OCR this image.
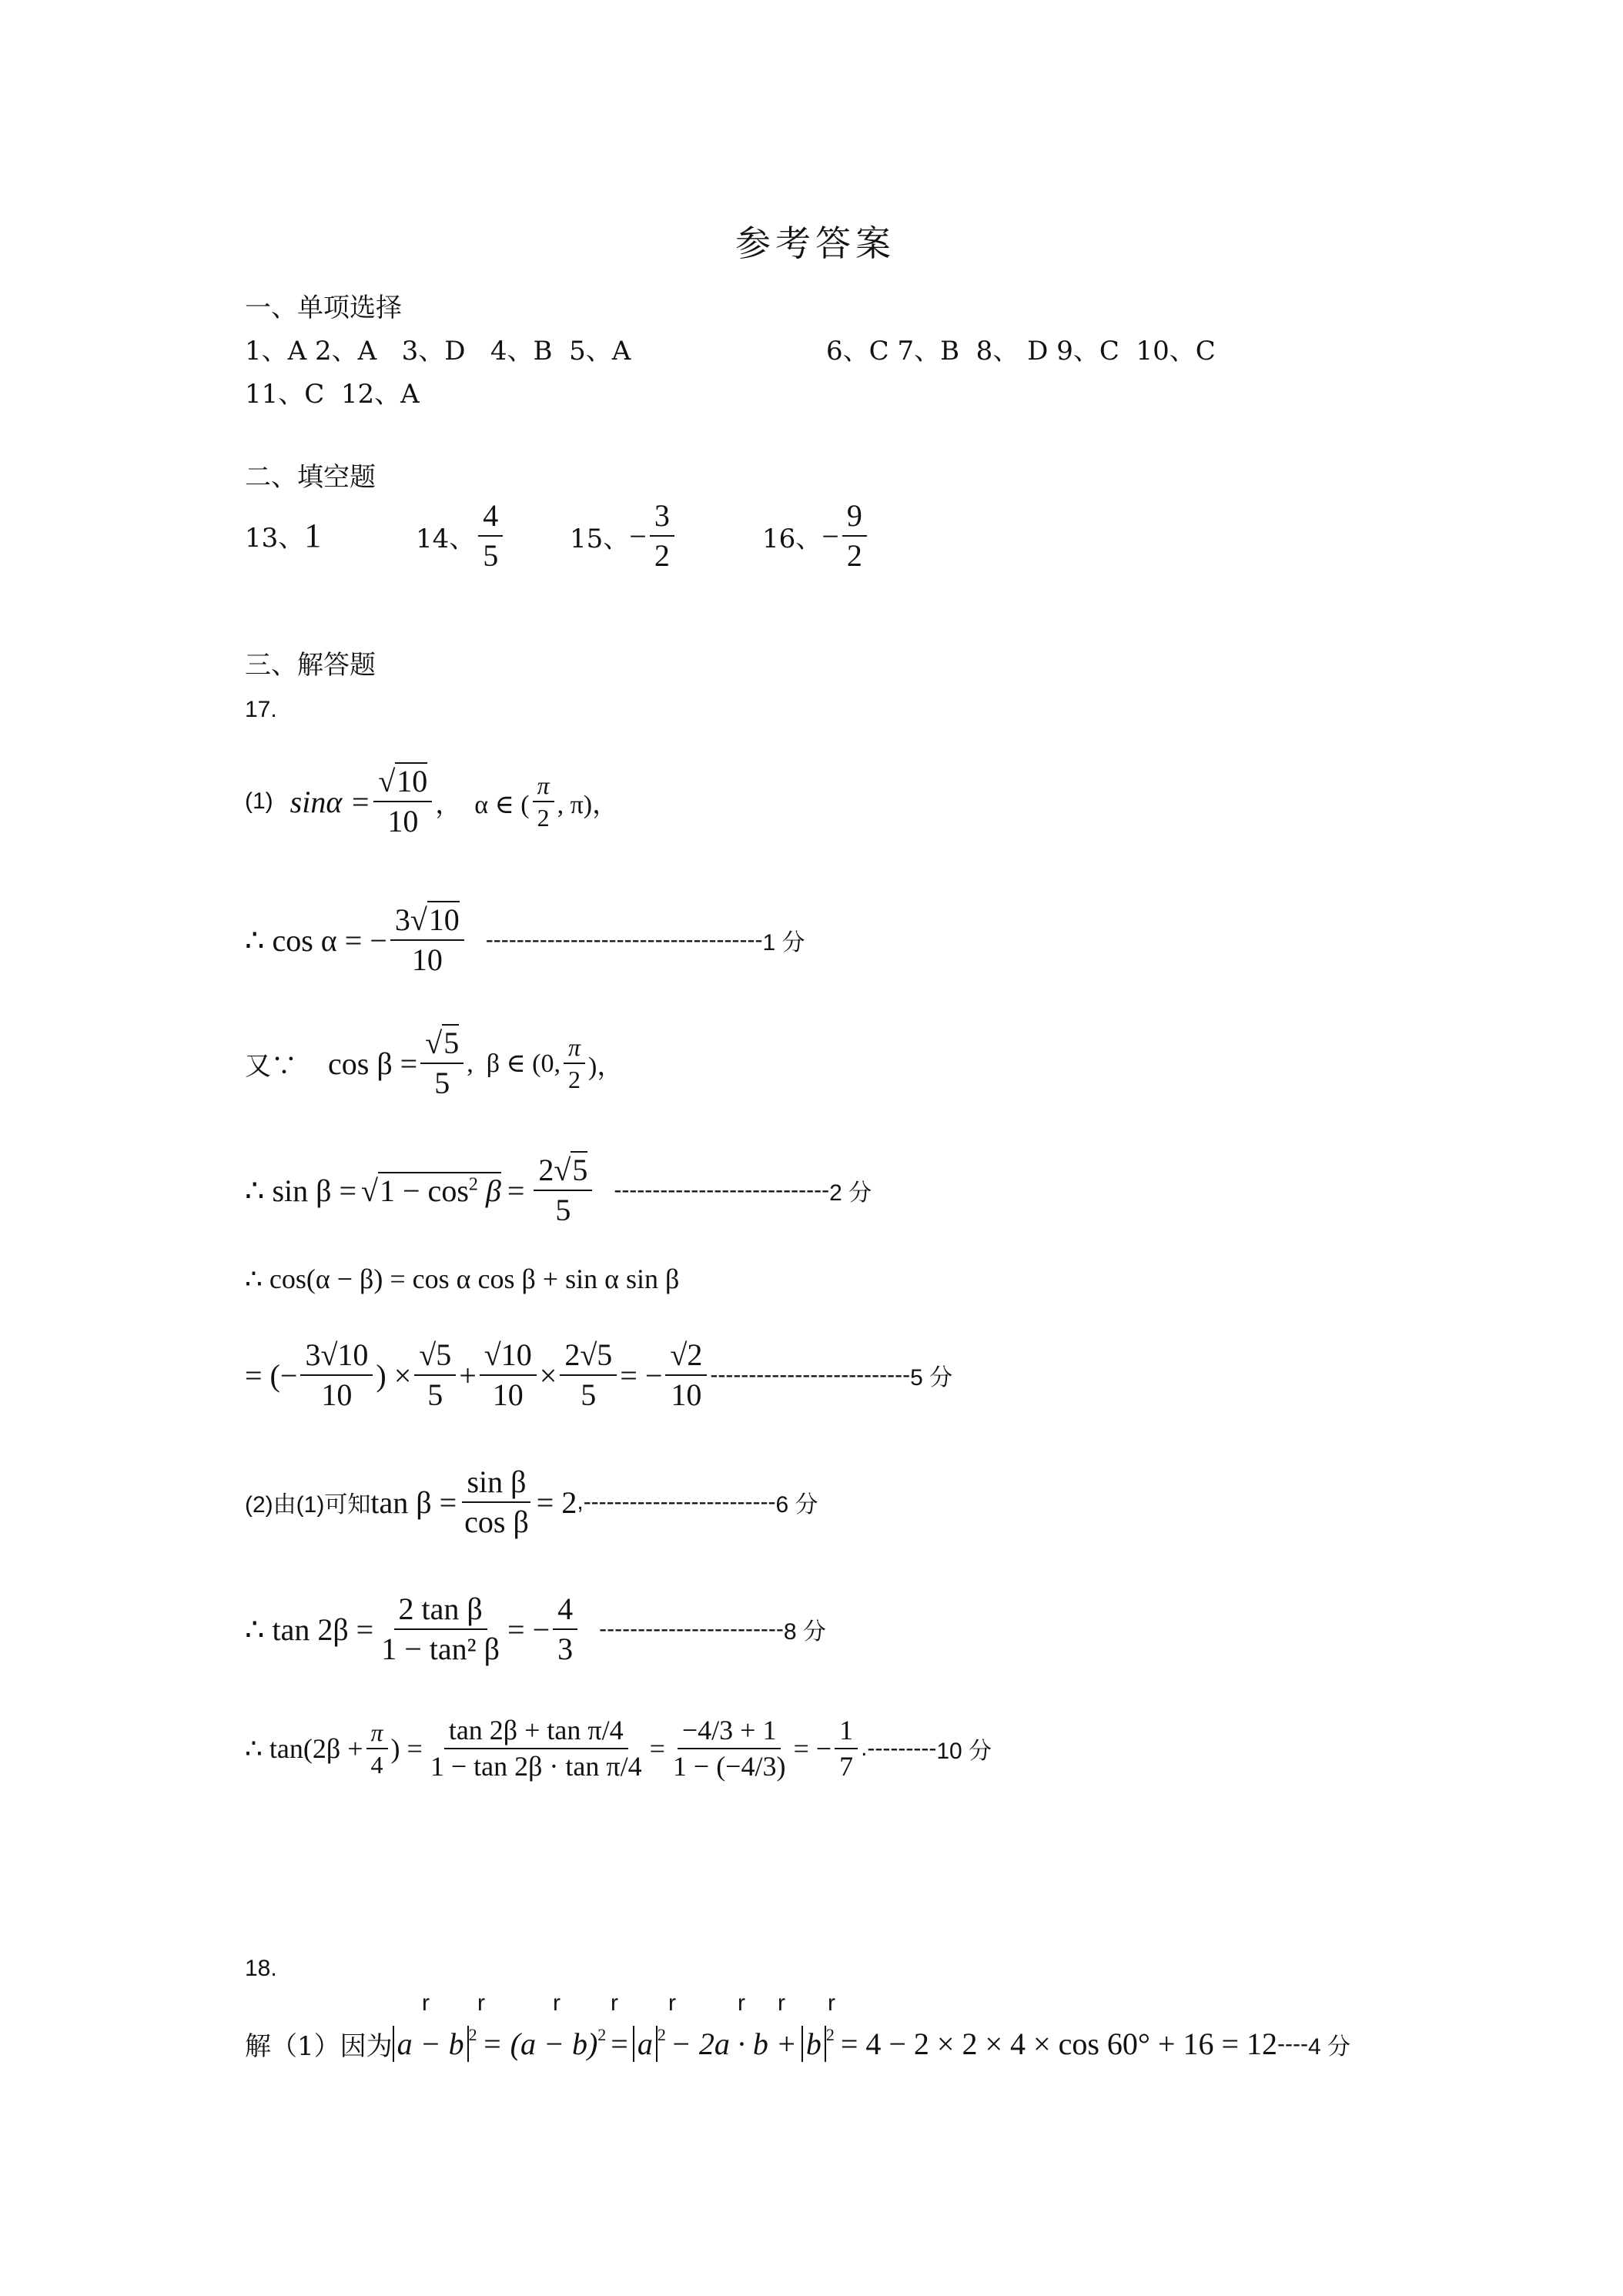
参考答案
一、单项选择
1、A 2、A   3、D   4、B  5、A	6、C 7、B  8、 D 9、C  10、C
11、C  12、A
二、填空题
13、 1	14、 $\frac{4}{5}$	15、 − $\frac{3}{2}$	16、 − $\frac{9}{2}$
三、解答题
17.
(1) $\sin\alpha = \frac{√10}{10}$ ，  α ∈ ( $\frac{\pi}{2}$ , π)，
∴ cos α = − $\frac{3√10}{10}$ ------------------------------------ 1 分
又∵ $\cos \beta = \frac{√5}{5}$ ,  β ∈ (0, $\frac{\pi}{2}$ )，
∴ $\sin \beta = √1 - \cos^2 \beta = \frac{2√5}{5}$ ---------------------------- 2 分
∴ cos(α − β) = cos α cos β + sin α sin β
= (− $\frac{3√10}{10}$ ) × $\frac{√5}{5} + \frac{√10}{10} \times \frac{2√5}{5}$ = − $\frac{√2}{10}$ -------------------------- 5 分
(2)由(1)可知 $\tan \beta = \frac{\text{sin β}}{\text{cos β}} = 2$ ,------------------------- 6 分
∴ $\tan 2\beta = \frac{\text{2 tan β}}{\text{1 − tan² β}}$ = − $\frac{4}{3}$ ------------------------ 8 分
∴ $\tan(2\beta + \frac{\pi}{4}$ ) = $\frac{\text{tan 2β + tan π/4}}{\text{1 − tan 2β · tan π/4}} = \frac{-4/3 + 1}{1 - (-4/3)}$ = − $\frac{1}{7}$ .--------- 10 分
18.
解（1）因为 a − b 2 = (a − b) 2 = a 2 − 2a · b + b 2 = 4 − 2 × 2 × 4 × cos 60° + 16 = 12 ---- 4 分
r r	r r r	r r r
